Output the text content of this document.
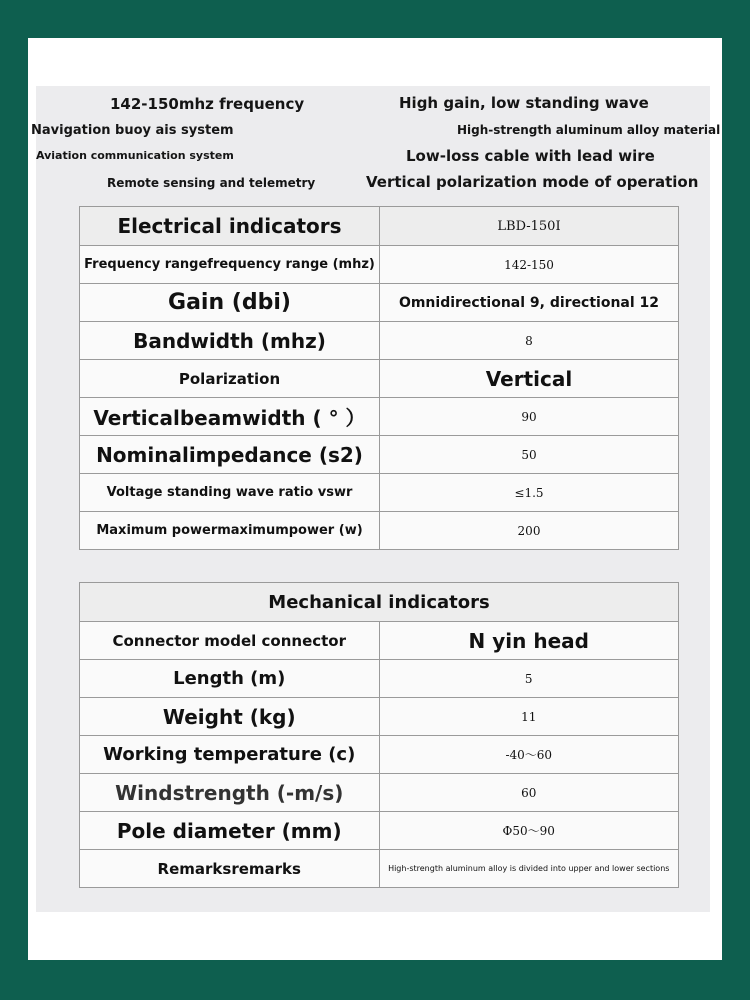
142-150mhz frequency	High gain, low standing wave
Navigation buoy ais system	High-strength aluminum alloy material
Aviation communication system	Low-loss cable with lead wire
Remote sensing and telemetry	Vertical polarization mode of operation
Electrical indicators	LBD-150I
Frequency rangefrequency range (mhz)	142-150
Gain (dbi)	Omnidirectional 9, directional 12
Bandwidth (mhz)	8
Polarization	Vertical
Verticalbeamwidth ( ° ）	90
Nominalimpedance (s2)	50
Voltage standing wave ratio vswr	≤1.5
Maximum powermaximumpower (w)	200
Mechanical indicators	
Connector model connector	N yin head
Length (m)	5
Weight (kg)	11
Working temperature (c)	-40～60
Windstrength (-m/s)	60
Pole diameter (mm)	Φ50～90
Remarksremarks	High-strength aluminum alloy is divided into upper and lower sections
